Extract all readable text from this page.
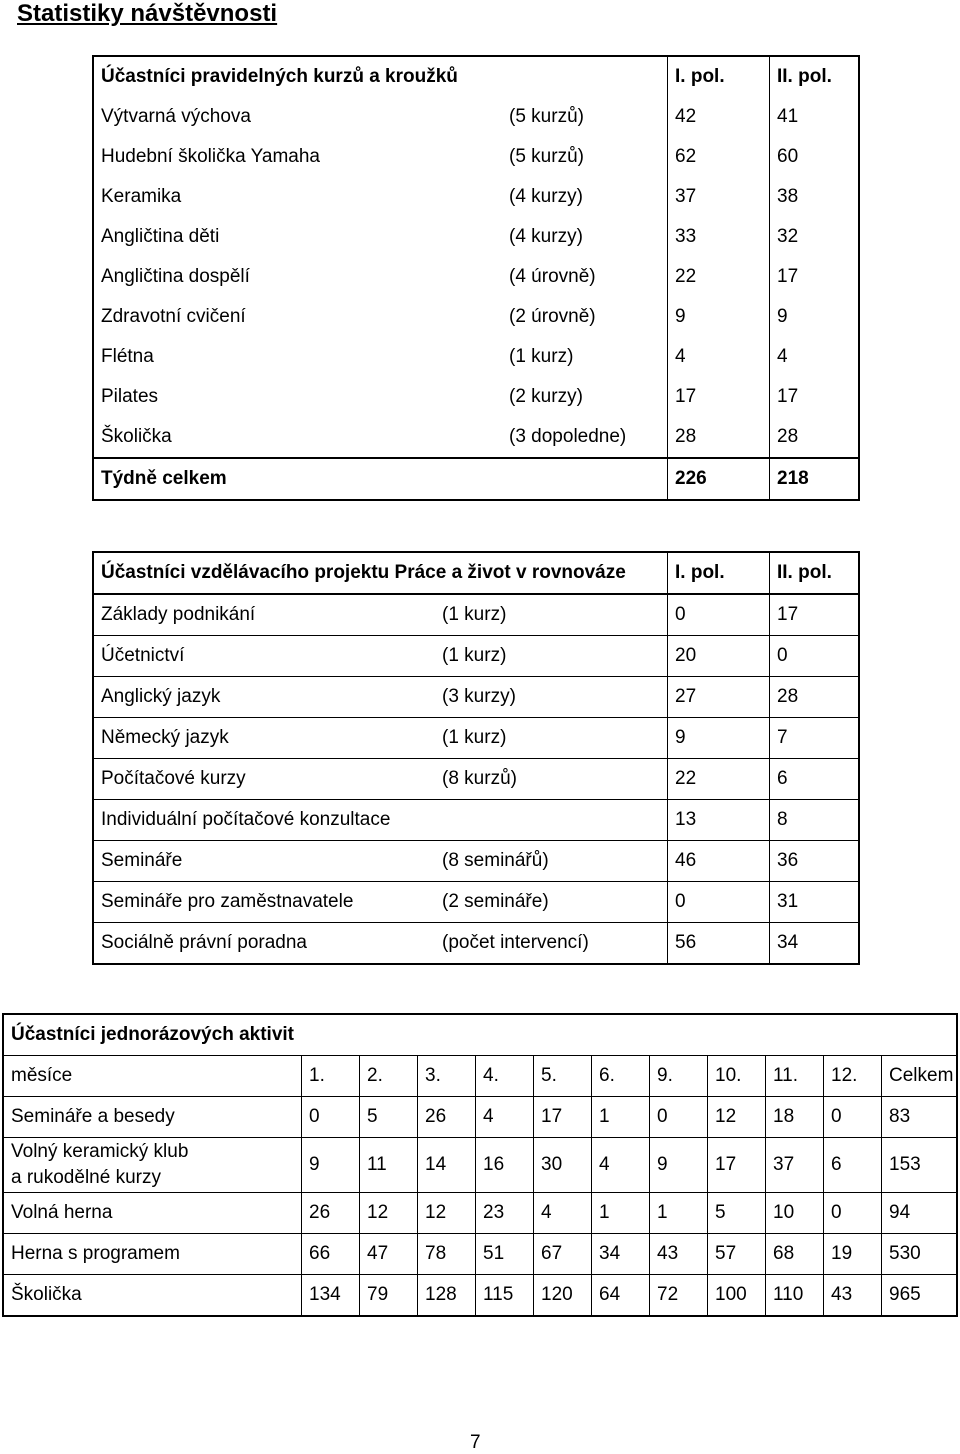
Statistiky návštěvnosti
Účastníci pravidelných kurzů a kroužků		I. pol.	II. pol.
Výtvarná výchova	(5 kurzů)	42	41
Hudební školička Yamaha	(5 kurzů)	62	60
Keramika	(4 kurzy)	37	38
Angličtina děti	(4 kurzy)	33	32
Angličtina dospělí	(4 úrovně)	22	17
Zdravotní cvičení	(2 úrovně)	9	9
Flétna	(1 kurz)	4	4
Pilates	(2 kurzy)	17	17
Školička	(3 dopoledne)	28	28
Týdně celkem		226	218
Účastníci vzdělávacího projektu Práce a život v rovnováze		I. pol.	II. pol.
Základy podnikání	(1 kurz)	0	17
Účetnictví	(1 kurz)	20	0
Anglický jazyk	(3 kurzy)	27	28
Německý jazyk	(1 kurz)	9	7
Počítačové kurzy	(8 kurzů)	22	6
Individuální počítačové konzultace		13	8
Semináře	(8 seminářů)	46	36
Semináře pro zaměstnavatele	(2 semináře)	0	31
Sociálně právní poradna	(počet intervencí)	56	34
Účastníci jednorázových aktivit											
měsíce	1.	2.	3.	4.	5.	6.	9.	10.	11.	12.	Celkem
Semináře a besedy	0	5	26	4	17	1	0	12	18	0	83

Volný keramický klub
a rukodělné kurzy	9	11	14	16	30	4	9	17	37	6	153
Volná herna	26	12	12	23	4	1	1	5	10	0	94
Herna s programem	66	47	78	51	67	34	43	57	68	19	530
Školička	134	79	128	115	120	64	72	100	110	43	965
7
